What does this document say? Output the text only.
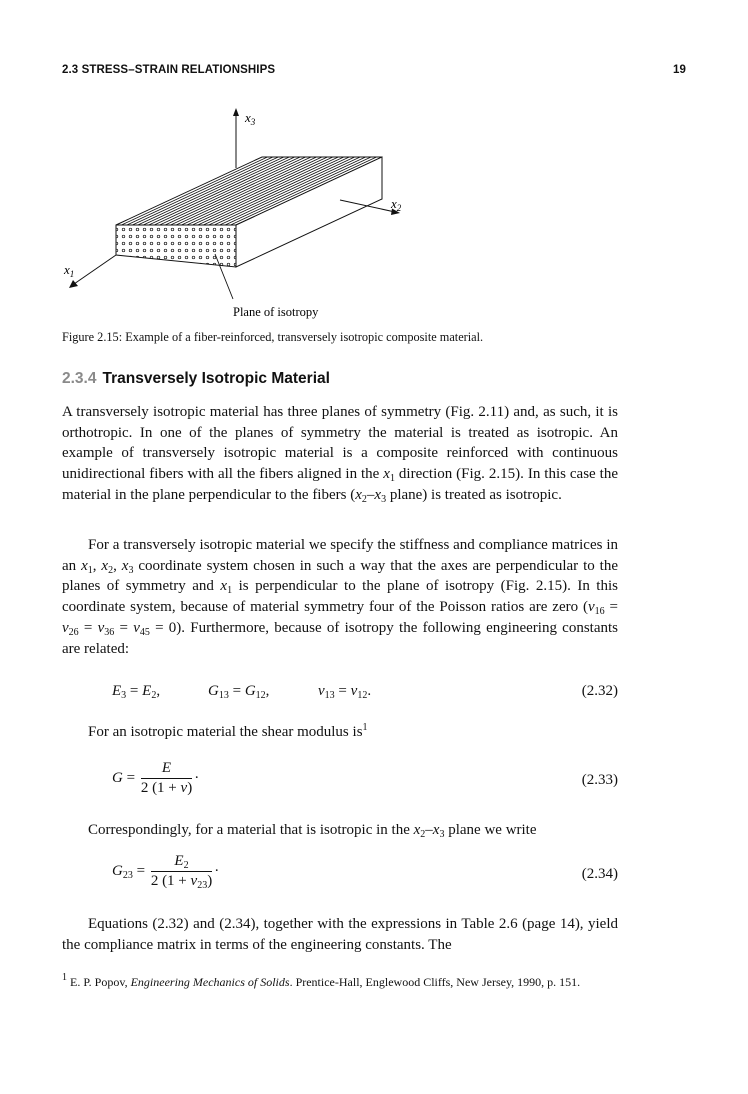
2.3 STRESS–STRAIN RELATIONSHIPS	19
$x_3$
$x_2$
$x_1$
Plane of isotropy
Figure 2.15: Example of a fiber-reinforced, transversely isotropic composite material.
2.3.4 Transversely Isotropic Material

A transversely isotropic material has three planes of symmetry (Fig. 2.11) and, as such, it is orthotropic. In one of the planes of symmetry the material is treated as isotropic. An example of transversely isotropic material is a composite reinforced with continuous unidirectional fibers with all the fibers aligned in the $x_1$ direction (Fig. 2.15). In this case the material in the plane perpendicular to the fibers ($x_2-x_3$ plane) is treated as isotropic.

For a transversely isotropic material we specify the stiffness and compliance matrices in an $x_1$, $x_2$, $x_3$ coordinate system chosen in such a way that the axes are perpendicular to the planes of symmetry and $x_1$ is perpendicular to the plane of isotropy (Fig. 2.15). In this coordinate system, because of material symmetry four of the Poisson ratios are zero $(\nu_{16} = \nu_{26} = \nu_{36} = \nu_{45} = 0)$. Furthermore, because of isotropy the following engineering constants are related:

$E_3 = E_2$,	$G_{13} = G_{12}$,	$\nu_{13} = \nu_{12}$.	(2.32)
For an isotropic material the shear modulus $is^1$
$G = \frac{E}{2 (1 + \nu)}$ ·	(2.33)
Correspondingly, for a material that is isotropic in the $x_2-x_3$ plane we write
$G_{23} = \frac{E_2}{2 (1 + \nu_{23})}$ ·	(2.34)

Equations (2.32) and (2.34), together with the expressions in Table 2.6 (page 14), yield the compliance matrix in terms of the engineering constants. The

$^1$ E. P. Popov, Engineering Mechanics of Solids. Prentice-Hall, Englewood Cliffs, New Jersey, 1990, p. 151.
